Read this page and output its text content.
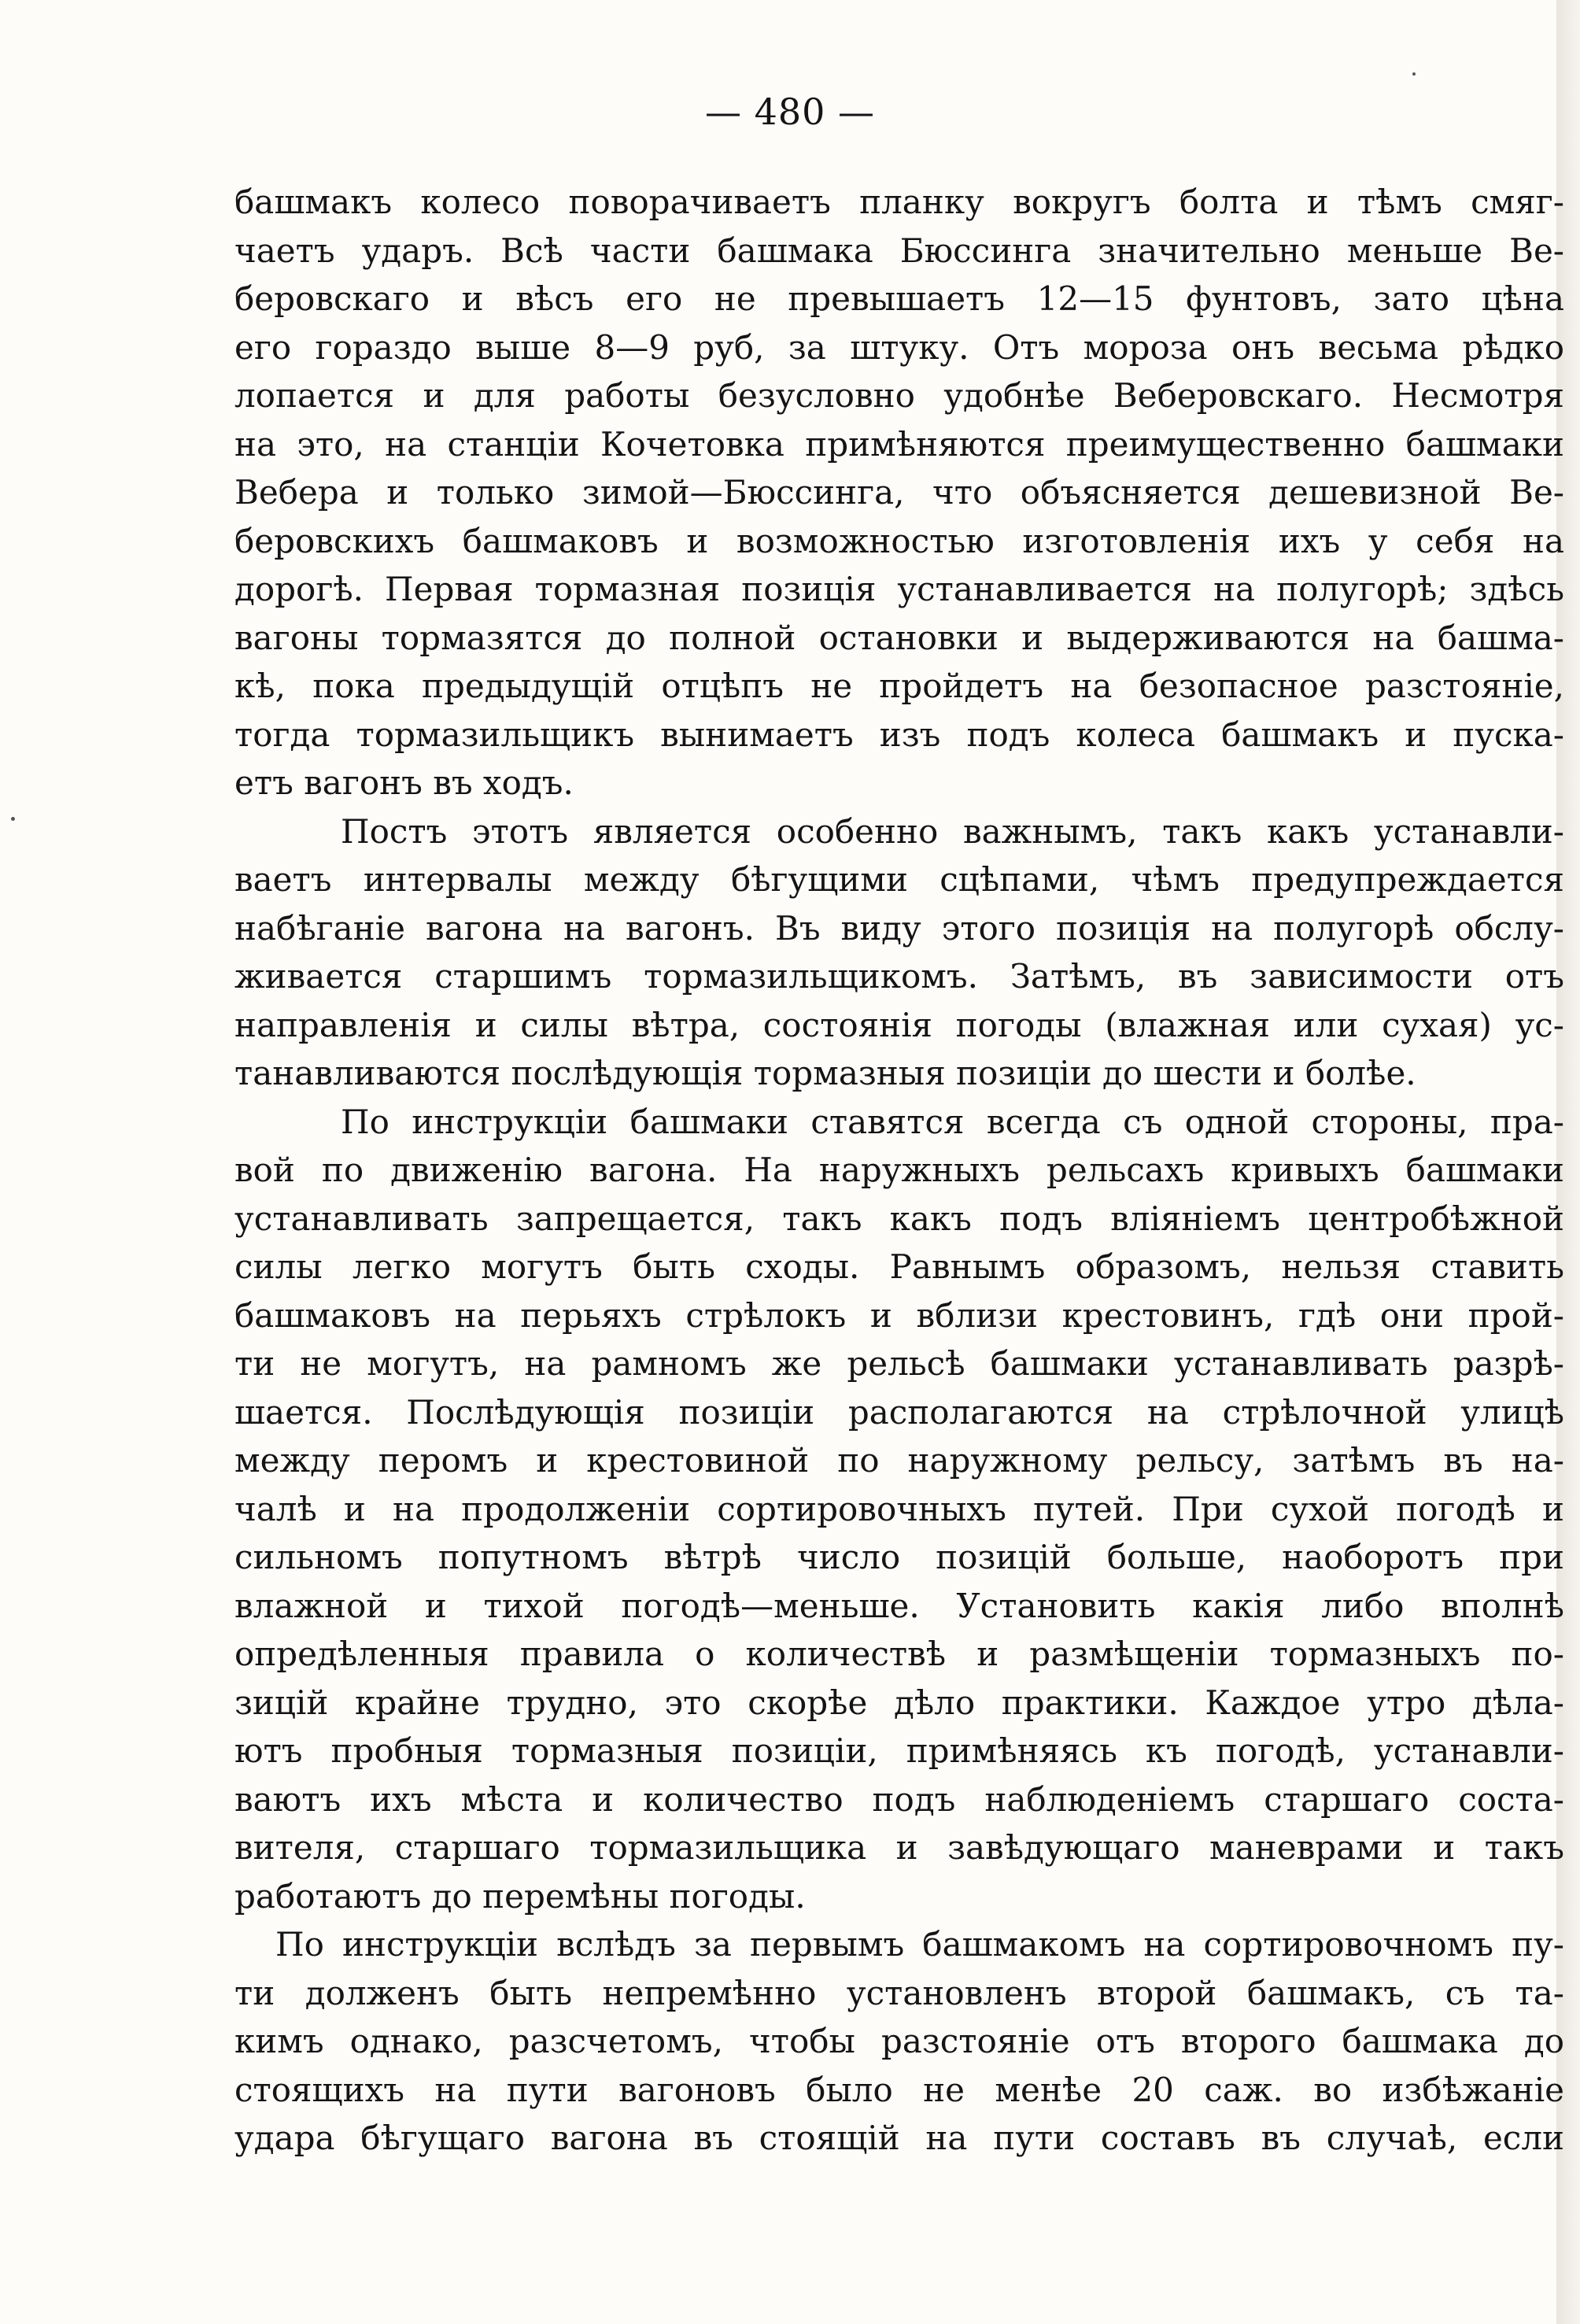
— 480 —
башмакъ колесо поворачиваетъ планку вокругъ болта и тѣмъ смяг-
чаетъ ударъ. Всѣ части башмака Бюссинга значительно меньше Ве-
беровскаго и вѣсъ его не превышаетъ 12—15 фунтовъ, зато цѣна
его гораздо выше 8—9 руб, за штуку. Отъ мороза онъ весьма рѣдко
лопается и для работы безусловно удобнѣе Веберовскаго. Несмотря
на это, на станціи Кочетовка примѣняются преимущественно башмаки
Вебера и только зимой—Бюссинга, что объясняется дешевизной Ве-
беровскихъ башмаковъ и возможностью изготовленія ихъ у себя на
дорогѣ. Первая тормазная позиція устанавливается на полугорѣ; здѣсь
вагоны тормазятся до полной остановки и выдерживаются на башма-
кѣ, пока предыдущій отцѣпъ не пройдетъ на безопасное разстояніе,
тогда тормазильщикъ вынимаетъ изъ подъ колеса башмакъ и пуска-
етъ вагонъ въ ходъ.
Постъ этотъ является особенно важнымъ, такъ какъ устанавли-
ваетъ интервалы между бѣгущими сцѣпами, чѣмъ предупреждается
набѣганіе вагона на вагонъ. Въ виду этого позиція на полугорѣ обслу-
живается старшимъ тормазильщикомъ. Затѣмъ, въ зависимости отъ
направленія и силы вѣтра, состоянія погоды (влажная или сухая) ус-
танавливаются послѣдующія тормазныя позиціи до шести и болѣе.
По инструкціи башмаки ставятся всегда съ одной стороны, пра-
вой по движенію вагона. На наружныхъ рельсахъ кривыхъ башмаки
устанавливать запрещается, такъ какъ подъ вліяніемъ центробѣжной
силы легко могутъ быть сходы. Равнымъ образомъ, нельзя ставить
башмаковъ на перьяхъ стрѣлокъ и вблизи крестовинъ, гдѣ они прой-
ти не могутъ, на рамномъ же рельсѣ башмаки устанавливать разрѣ-
шается. Послѣдующія позиціи располагаются на стрѣлочной улицѣ
между перомъ и крестовиной по наружному рельсу, затѣмъ въ на-
чалѣ и на продолженіи сортировочныхъ путей. При сухой погодѣ и
сильномъ попутномъ вѣтрѣ число позицій больше, наоборотъ при
влажной и тихой погодѣ—меньше. Установить какія либо вполнѣ
опредѣленныя правила о количествѣ и размѣщеніи тормазныхъ по-
зицій крайне трудно, это скорѣе дѣло практики. Каждое утро дѣла-
ютъ пробныя тормазныя позиціи, примѣняясь къ погодѣ, устанавли-
ваютъ ихъ мѣста и количество подъ наблюденіемъ старшаго соста-
вителя, старшаго тормазильщика и завѣдующаго маневрами и такъ
работаютъ до перемѣны погоды.
По инструкціи вслѣдъ за первымъ башмакомъ на сортировочномъ пу-
ти долженъ быть непремѣнно установленъ второй башмакъ, съ та-
кимъ однако, разсчетомъ, чтобы разстояніе отъ второго башмака до
стоящихъ на пути вагоновъ было не менѣе 20 саж. во избѣжаніе
удара бѣгущаго вагона въ стоящій на пути составъ въ случаѣ, если
